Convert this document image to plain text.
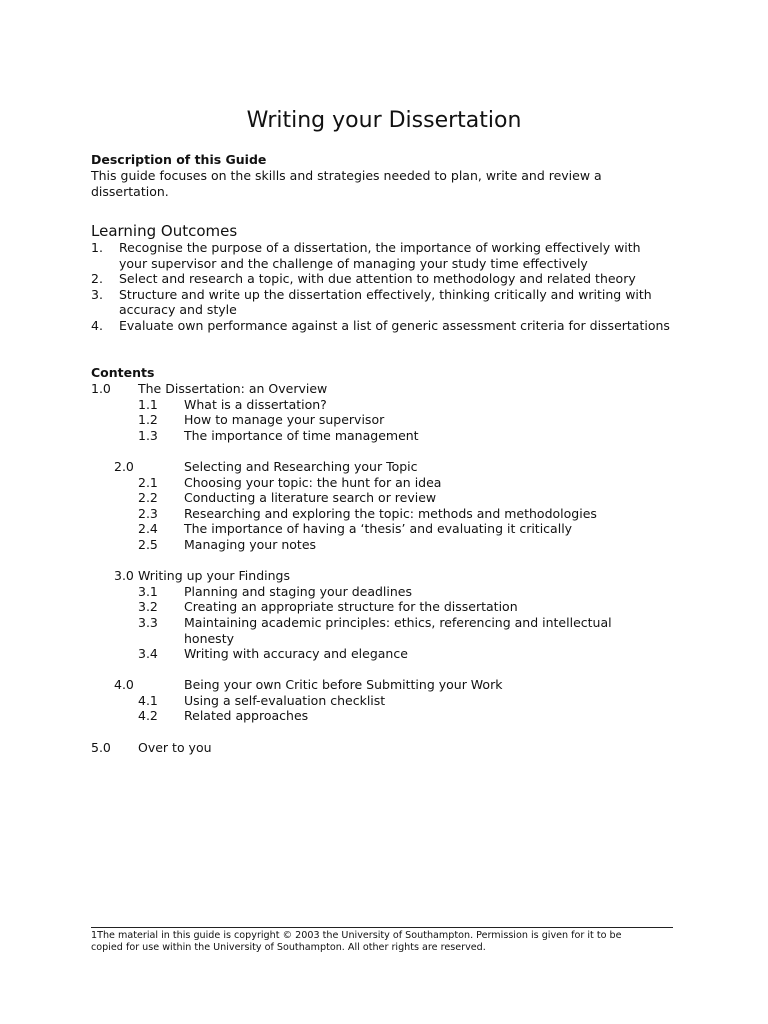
Writing your Dissertation
Description of this Guide
This guide focuses on the skills and strategies needed to plan, write and review a dissertation.
Learning Outcomes
1. Recognise the purpose of a dissertation, the importance of working effectively with your supervisor and the challenge of managing your study time effectively
2. Select and research a topic, with due attention to methodology and related theory
3. Structure and write up the dissertation effectively, thinking critically and writing with accuracy and style
4. Evaluate own performance against a list of generic assessment criteria for dissertations
Contents
1.0 The Dissertation: an Overview
1.1 What is a dissertation?
1.2 How to manage your supervisor
1.3 The importance of time management
2.0	Selecting and Researching your Topic
2.1 Choosing your topic: the hunt for an idea
2.2 Conducting a literature search or review
2.3 Researching and exploring the topic: methods and methodologies
2.4 The importance of having a ‘thesis’ and evaluating it critically
2.5 Managing your notes
3.0 Writing up your Findings
3.1 Planning and staging your deadlines
3.2 Creating an appropriate structure for the dissertation
3.3 Maintaining academic principles: ethics, referencing and intellectual honesty
3.4 Writing with accuracy and elegance
4.0	Being your own Critic before Submitting your Work
4.1 Using a self-evaluation checklist
4.2 Related approaches
5.0 Over to you
1The material in this guide is copyright © 2003 the University of Southampton. Permission is given for it to be
copied for use within the University of Southampton. All other rights are reserved.
